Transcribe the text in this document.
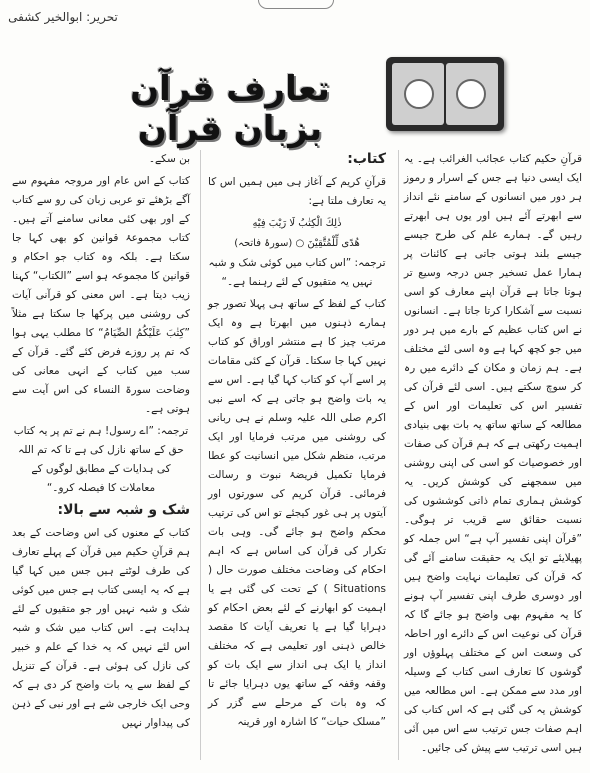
تحریر: ابوالخیر کشفی
تعارف قرآن بزبان قرآن

قرآنِ حکیم کتاب عجائب الغرائب ہے۔ یہ ایک ایسی دنیا ہے جس کے اسرار و رموز ہر دور میں انسانوں کے سامنے نئے انداز سے ابھرتے آئے ہیں اور یوں ہی ابھرتے رہیں گے۔ ہمارے علم کی طرح جیسے جیسے بلند ہوتی جاتی ہے کائنات پر ہمارا عمل تسخیر جس درجہ وسیع تر ہوتا جاتا ہے قرآن اپنے معارف کو اسی نسبت سے آشکارا کرتا جاتا ہے۔ انسانوں نے اس کتاب عظیم کے بارے میں ہر دور میں جو کچھ کہا ہے وہ اسی لئے مختلف ہے۔ ہم زمان و مکان کے دائرے میں رہ کر سوچ سکتے ہیں۔ اسی لئے قرآن کی تفسیر اس کی تعلیمات اور اس کے مطالعہ کے ساتھ ساتھ یہ بات بھی بنیادی اہمیت رکھتی ہے کہ ہم قرآن کی صفات اور خصوصیات کو اسی کی اپنی روشنی میں سمجھنے کی کوشش کریں۔ یہ کوشش ہماری تمام ذاتی کوششوں کی نسبت حقائق سے قریب تر ہوگی۔ ”قرآن اپنی تفسیر آپ ہے“ اس جملہ کو پھیلایئے تو ایک یہ حقیقت سامنے آئے گی کہ قرآن کی تعلیمات نہایت واضح ہیں اور دوسری طرف اپنی تفسیر آپ ہونے کا یہ مفہوم بھی واضح ہو جائے گا کہ قرآن کی نوعیت اس کے دائرے اور احاطہ کی وسعت اس کے مختلف پہلوؤں اور گوشوں کا تعارف اسی کتاب کے وسیلہ اور مدد سے ممکن ہے۔ اس مطالعہ میں کوشش یہ کی گئی ہے کہ اس کتاب کی اہم صفات جس ترتیب سے اس میں آئی ہیں اسی ترتیب سے پیش کی جائیں۔

کتاب:

قرآنِ کریم کے آغاز ہی میں ہمیں اس کا یہ تعارف ملتا ہے:

ذٰلِكَ الْكِتٰبُ لَا رَيْبَ فِيْهِ

هُدًى لِّلْمُتَّقِيْنَ ○ (سورۂ فاتحہ)

ترجمہ: ”اس کتاب میں کوئی شک و شبہ نہیں یہ متقیوں کے لئے رہنما ہے۔“

کتاب کے لفظ کے ساتھ ہی پہلا تصور جو ہمارے ذہنوں میں ابھرتا ہے وہ ایک مرتب چیز کا ہے منتشر اوراق کو کتاب نہیں کہا جا سکتا۔ قرآن کے کئی مقامات پر اسے آپ کو کتاب کہا گیا ہے۔ اس سے یہ بات واضح ہو جاتی ہے کہ اسے نبی اکرم صلی اللہ علیہ وسلم نے ہی ربانی کی روشنی میں مرتب فرمایا اور ایک مرتب، منظم شکل میں انسانیت کو عطا فرمایا تکمیل فریضۂ نبوت و رسالت فرمائی۔ قرآن کریم کی سورتوں اور آیتوں پر ہی غور کیجئے تو اس کی ترتیب محکم واضح ہو جائے گی۔ وہی بات تکرار کی قرآن کی اساس ہے کہ اہم احکام کی وضاحت مختلف صورت حال ( Situations ) کے تحت کی گئی ہے یا اہمیت کو ابھارنے کے لئے بعض احکام کو دہرایا گیا ہے یا تعریف آیات کا مقصد خالص ذہنی اور تعلیمی ہے کہ مختلف انداز یا ایک ہی انداز سے ایک بات کو وقفہ وقفہ کے ساتھ یوں دہرایا جائے تا کہ وہ بات کے مرحلے سے گزر کر ”مسلک حیات“ کا اشارہ اور قرینہ

بن سکے۔

کتاب کے اس عام اور مروجہ مفہوم سے آگے بڑھئے تو عربی زبان کی رو سے کتاب کے اور بھی کئی معانی سامنے آتے ہیں۔ کتاب مجموعۂ قوانین کو بھی کہا جا سکتا ہے۔ بلکہ وہ کتاب جو احکام و قوانین کا مجموعہ ہو اسے ”الکتاب“ کہنا زیب دیتا ہے۔ اس معنی کو قرآنی آیات کی روشنی میں پرکھا جا سکتا ہے مثلاً ”كِتٰبَ عَلَيْكُمُ الصِّيَامُ“ کا مطلب یہی ہوا کہ تم پر روزے فرض کئے گئے۔ قرآن کے سب میں کتاب کے انہی معانی کی وضاحت سورۃ النساء کی اس آیت سے ہوتی ہے۔

ترجمہ: ”اے رسول! ہم نے تم پر یہ کتاب حق کے ساتھ نازل کی ہے تا کہ تم اللہ کی ہدایات کے مطابق لوگوں کے معاملات کا فیصلہ کرو۔“

شک و شبہ سے بالا:

کتاب کے معنوں کی اس وضاحت کے بعد ہم قرآنِ حکیم میں قرآن کے پہلے تعارف کی طرف لوٹتے ہیں جس میں کہا گیا ہے کہ یہ ایسی کتاب ہے جس میں کوئی شک و شبہ نہیں اور جو متقیوں کے لئے ہدایت ہے۔ اس کتاب میں شک و شبہ اس لئے نہیں کہ یہ خدا کے علم و خبیر کی نازل کی ہوئی ہے۔ قرآن کے تنزیل کے لفظ سے یہ بات واضح کر دی ہے کہ وحی ایک خارجی شے ہے اور نبی کے ذہن کی پیداوار نہیں
